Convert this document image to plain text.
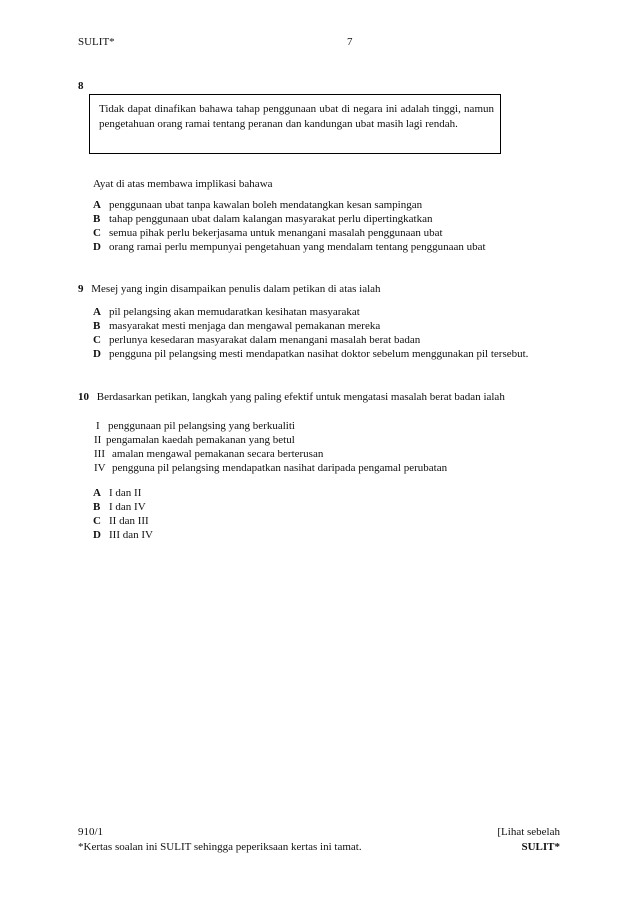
SULIT*	7
8
Tidak dapat dinafikan bahawa tahap penggunaan ubat di negara ini adalah tinggi, namun pengetahuan orang ramai tentang peranan dan kandungan ubat masih lagi rendah.
Ayat di atas membawa implikasi bahawa
A penggunaan ubat tanpa kawalan boleh mendatangkan kesan sampingan
B tahap penggunaan ubat dalam kalangan masyarakat perlu dipertingkatkan
C semua pihak perlu bekerjasama untuk menangani masalah penggunaan ubat
D orang ramai perlu mempunyai pengetahuan yang mendalam tentang penggunaan ubat
9 Mesej yang ingin disampaikan penulis dalam petikan di atas ialah
A pil pelangsing akan memudaratkan kesihatan masyarakat
B masyarakat mesti menjaga dan mengawal pemakanan mereka
C perlunya kesedaran masyarakat dalam menangani masalah berat badan
D pengguna pil pelangsing mesti mendapatkan nasihat doktor sebelum menggunakan pil tersebut.
10 Berdasarkan petikan, langkah yang paling efektif untuk mengatasi masalah berat badan ialah
I penggunaan pil pelangsing yang berkualiti
II pengamalan kaedah pemakanan yang betul
III amalan mengawal pemakanan secara berterusan
IV pengguna pil pelangsing mendapatkan nasihat daripada pengamal perubatan
A I dan II
B I dan IV
C II dan III
D III dan IV
910/1
*Kertas soalan ini SULIT sehingga peperiksaan kertas ini tamat.
[Lihat sebelah
SULIT*
